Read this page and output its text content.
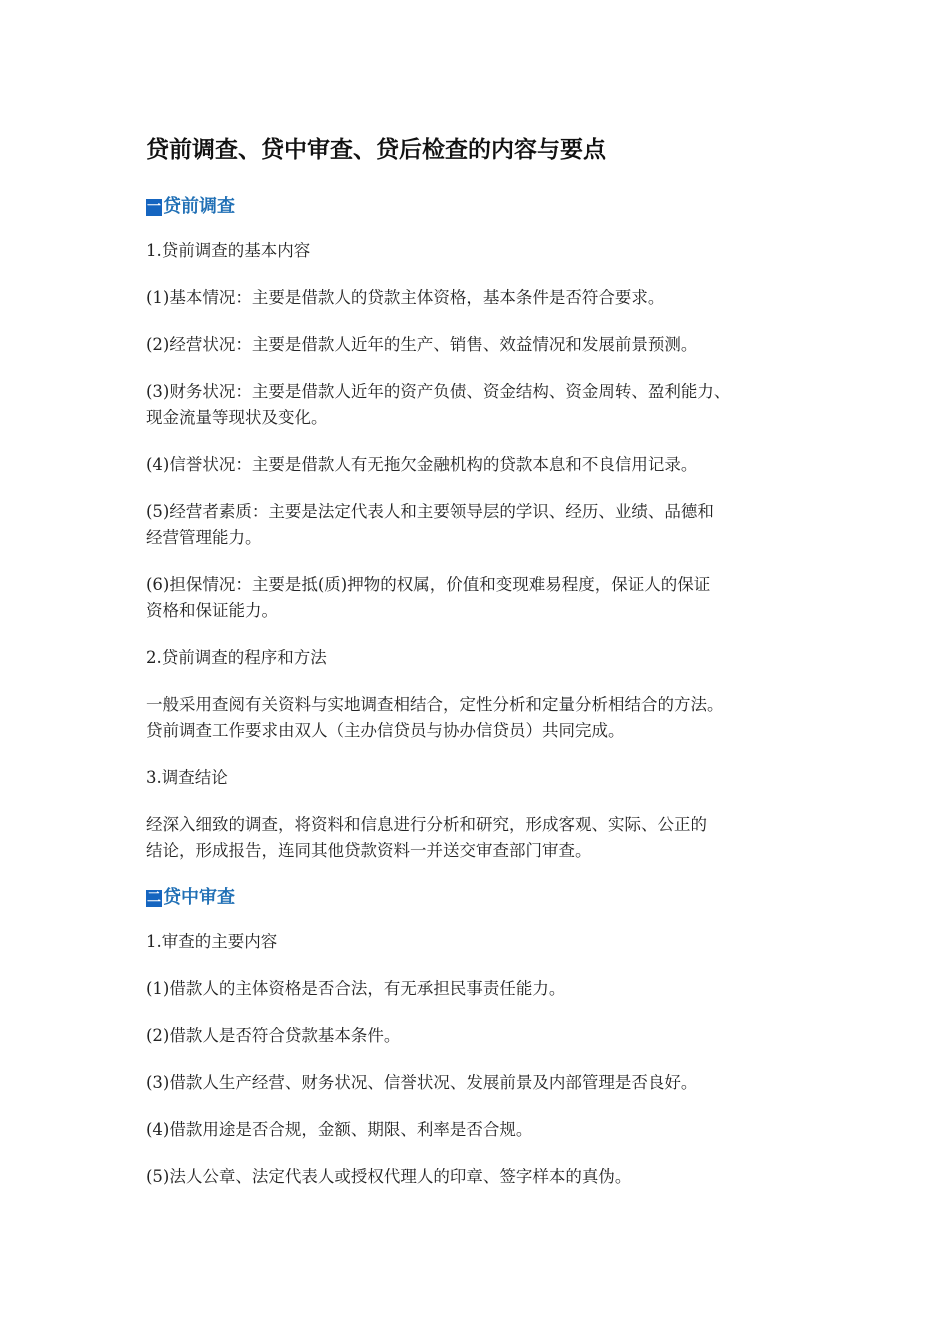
贷前调查、贷中审查、贷后检查的内容与要点
一 贷前调查

1.贷前调查的基本内容

(1)基本情况：主要是借款人的贷款主体资格，基本条件是否符合要求。

(2)经营状况：主要是借款人近年的生产、销售、效益情况和发展前景预测。

(3)财务状况：主要是借款人近年的资产负债、资金结构、资金周转、盈利能力、
现金流量等现状及变化。

(4)信誉状况：主要是借款人有无拖欠金融机构的贷款本息和不良信用记录。

(5)经营者素质：主要是法定代表人和主要领导层的学识、经历、业绩、品德和
经营管理能力。

(6)担保情况：主要是抵(质)押物的权属，价值和变现难易程度，保证人的保证
资格和保证能力。

2.贷前调查的程序和方法

一般采用查阅有关资料与实地调查相结合，定性分析和定量分析相结合的方法。
贷前调查工作要求由双人（主办信贷员与协办信贷员）共同完成。

3.调查结论

经深入细致的调查，将资料和信息进行分析和研究，形成客观、实际、公正的
结论，形成报告，连同其他贷款资料一并送交审查部门审查。

二 贷中审查

1.审查的主要内容

(1)借款人的主体资格是否合法，有无承担民事责任能力。

(2)借款人是否符合贷款基本条件。

(3)借款人生产经营、财务状况、信誉状况、发展前景及内部管理是否良好。

(4)借款用途是否合规，金额、期限、利率是否合规。

(5)法人公章、法定代表人或授权代理人的印章、签字样本的真伪。
